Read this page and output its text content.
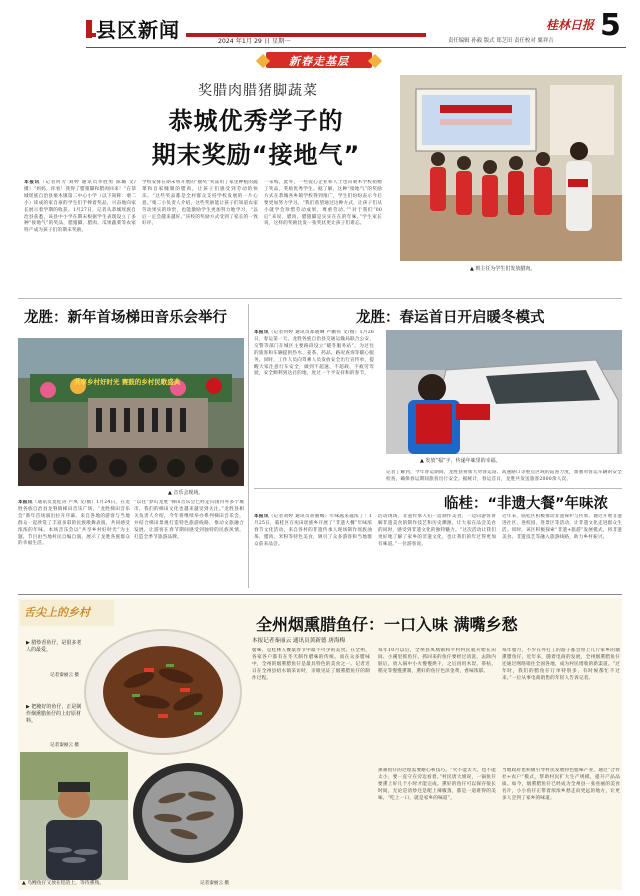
县区新闻	2024 年1月 29 日 星期一
桂林日报 5
责任编辑 孙毅 版式 郑芝田 责任校对 粟祥吉
新春走基层
奖腊肉腊猪脚蔬菜
恭城优秀学子的
期末奖励“接地气”
本报讯（记者何芳 刘婷 通讯员李胜勇 陈璐 文/摄）“妈妈，你看！我得了腊猪脚和腊肉回来！”在恭城瑶族自治县栗木镇第二中心小学（以下简称：栗二小）读成的家自豪的学生们手捧着奖品，兴奋地向家长展示着学期的收获。1月27日，记者从恭城瑶族自治县获悉，该县中小学在期末根据学生表现设立了多种“接地气”的奖品，腊猪脚、腊肉、瓜果蔬菜等农家特产成为孩子们的期末奖励。
学校安排在期末将开展的“抽奖”奖品用了家里种植的蔬菜和自家腌制的腊肉，让孩子们感受到劳动的快乐。“这些奖品都是全村群众支持学校发展的一片心意。”栗二小负责人介绍，这些奖励能让孩子们知道农家劳动果实的珍贵，也能激励学生更加努力地学习，“以后一定会越来越好。”该校的奖励方式受到了家长的一致好评。
一采购、此外，一些爱心企业和人士也向栗木学校捐赠了奖品，奖励优秀学生。据了解，这种“接地气”的奖励方式在恭城各乡镇学校得到推广，学生们纷纷表示今后要更加努力学习。“我们希望通过这种方式，让孩子们从小就学会珍惜劳动成果，尊重劳动。”“对于我们“00后”来说，腊肉、腊猪脚是实实在在的年味。”学生家长说，这样的奖励比发一张奖状更让孩子们难忘。
▲ 班主任为学生们发放腊肉。
龙胜：新年首场梯田音乐会举行
共享乡村好时光 赛鼓的乡村民歌盛典
▲ 音乐会现场。
本报讯（通讯员莫桂涛 卢凤 文/摄）1月24日，在龙胜各族自治县龙脊镇梯田音乐广场，“龙胜梯田音乐会”新年首场演出拉开序幕。来自各地的游客与当地群众一起欣赏了丰富多彩的民族歌舞表演，共同感受浓浓的年味。本场音乐会以“共享乡村好时光”为主题，节目由当地村民自编自演，展示了龙胜各族群众的幸福生活。
“以往“梦幻龙胜”梯田音乐会已经走向国内外多个城市，我们的梯田文化也越来越受到关注。”龙胜县相关负责人介绍，今年将继续举办系列梯田音乐会，并结合梯田景观打造特色旅游线路，推动文旅融合发展，让游客在春节期间感受到独特的民族风情，打造全季节旅游品牌。
龙胜：春运首日开启暖冬模式
本报讯（记者何婷 通讯员郑晓琳 卢鹏伟 文/摄）1月26日，春运第一天，龙胜各族自治县交通运输局联合公安、交警等部门在城区主要路段设立“暖冬服务站”，为过往的旅客和车辆提供热水、姜茶、药品、路况查询等暖心服务。同时，工作人员向驾乘人员发放安全出行宣传单，提醒大家注意行车安全，做到不超速、不超载、不疲劳驾驶，安全顺利到达目的地，度过一个平安祥和的春节。
▲ 发放“福”字，传递年味里的幸福。
记者了解到，今年春运期间，龙胜县将加大对客运站、高速路口等重点区域的巡查力度，加强对客运车辆的安全检查，确保春运期间旅客出行安全。据统计，春运首日，龙胜共发送旅客2000余人次。
临桂：“非遗大餐”年味浓
本报讯（记者刘婷 通讯员蒋丽娜）年味越来越浓了！1月25日，临桂区在宛田瑶族乡开展了“非遗大餐”年味浓春节文化活动，来自各村的非遗传承人现场制作瑶族油茶、腊肉、米粉等特色美食，吸引了众多游客和当地群众前来品尝。
活动现场，非遗传承人们一边制作美食，一边向游客讲解非遗美食的制作技艺和历史渊源，让大家在品尝美食的同时，感受到非遗文化的独特魅力。“这次活动让我们更好地了解了家乡的非遗文化，也让我们的年过得更加有味道。”一位游客说。
近年来，临桂区积极推动非遗保护与传承，通过开展非遗进社区、进校园、进景区等活动，让非遗文化走进群众生活。同时，该区积极探索“非遗+旅游”发展模式，将非遗美食、非遗技艺等融入旅游线路，助力乡村振兴。
舌尖上的乡村
全州烟熏腊鱼仔：一口入味 满嘴乡愁
本报记者秦丽云 通讯员黄新德 唐海梅
▶ 腊炒香鱼仔，是很多老人的最爱。
记者秦丽云 摄
▶ 把腌好的鱼仔，正是制作烟熏腊鱼仔的上好原材料。
记者秦丽云 摄
▲ 乌鲤鱼仔又放在铝箔上，等待熏熟。	记者秦丽云 摄
腊味，是桂林人餐桌春节中最不可少的美食。在全州，各家各户都有在冬天制作腊味的传统。而在众多腊味中，全州的烟熏腊鱼仔是最具特色的美食之一。记者近日在全州县绍水镇采访时，亲眼见证了烟熏腊鱼仔的制作过程。
每年10月以后，全州县凤凰镇和平村村民就开始在田间、小溪里抓鱼仔。抓回来的鱼仔要经过清洗、去除内脏后，放入锅中小火慢慢烘干，之后再用木炭、茶枯、稻壳等慢慢熏制，熏好的鱼仔色泽金黄，香味浓郁。
熏制鱼仔的过程需要耐心和技巧。“火不能太大，也不能太小，要一直守在旁边看着。”村民唐大姐说，一锅鱼仔要熏上好几个小时才能完成。熏好的鱼仔可以保存很长时间，无论是清炒还是配上辣椒蒸，都是一道难得的美味，“吃上一口，就是家乡的味道”。
每年腊月，不少在外打工的游子都会带上几斤家乡的烟熏腊鱼仔。近年来，随着电商的发展，全州烟熏腊鱼仔还通过网络销往全国各地，成为村民增收的新渠道。“过年时，我们的腊鱼仔订单特别多，有时候都忙不过来。”一位从事电商销售的年轻人告诉记者。
当地政府也积极引导村民发展特色腊味产业，通过“合作社+农户”模式，帮助村民扩大生产规模，提升产品品质。如今，烟熏腊鱼仔已经成为全州县一张亮丽的美食名片，小小鱼仔正带着浓浓乡愁走向更远的地方，让更多人尝到了家乡的味道。
